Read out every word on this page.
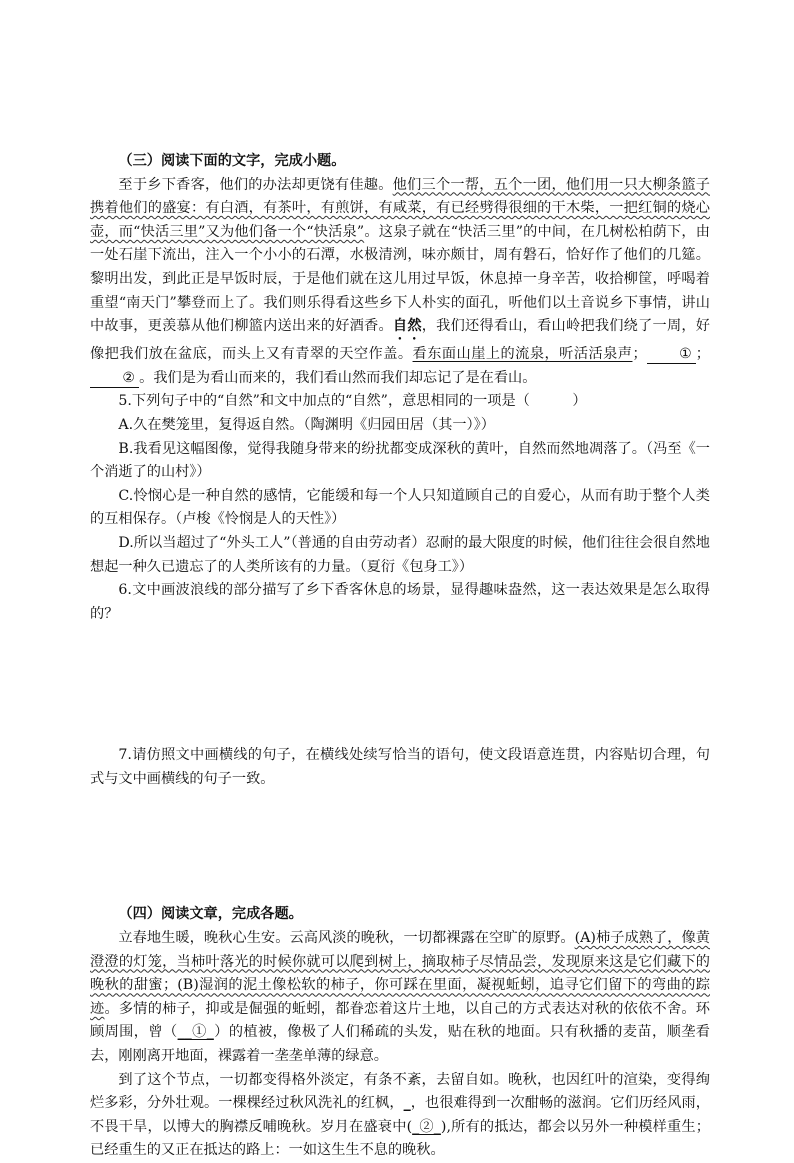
（三）阅读下面的文字，完成小题。

至于乡下香客，他们的办法却更饶有佳趣。他们三个一帮，五个一团，他们用一只大柳条篮子携着他们的盛宴：有白酒，有茶叶，有煎饼，有咸菜，有已经劈得很细的干木柴，一把红铜的烧心壶，而“快活三里”又为他们备一个“快活泉”。这泉子就在“快活三里”的中间，在几树松柏荫下，由一处石崖下流出，注入一个小小的石潭，水极清洌，味亦颇甘，周有磐石，恰好作了他们的几筵。黎明出发，到此正是早饭时辰，于是他们就在这儿用过早饭，休息掉一身辛苦，收拾柳筐，呼喝着重望“南天门”攀登而上了。我们则乐得看这些乡下人朴实的面孔，听他们以土音说乡下事情，讲山中故事，更羡慕从他们柳篮内送出来的好酒香。自然，我们还得看山，看山岭把我们绕了一周，好像把我们放在盆底，而头上又有青翠的天空作盖。看东面山崖上的流泉，听活活泉声； ① ；② 。我们是为看山而来的，我们看山然而我们却忘记了是在看山。

5.下列句子中的“自然”和文中加点的“自然”，意思相同的一项是（　　　）

A.久在樊笼里，复得返自然。（陶渊明《归园田居（其一）》）

B.我看见这幅图像，觉得我随身带来的纷扰都变成深秋的黄叶，自然而然地凋落了。（冯至《一个消逝了的山村》）

C.怜悯心是一种自然的感情，它能缓和每一个人只知道顾自己的自爱心，从而有助于整个人类的互相保存。（卢梭《怜悯是人的天性》）

D.所以当超过了“外头工人”（普通的自由劳动者）忍耐的最大限度的时候，他们往往会很自然地想起一种久已遗忘了的人类所该有的力量。（夏衍《包身工》）

6.文中画波浪线的部分描写了乡下香客休息的场景，显得趣味盎然，这一表达效果是怎么取得的？

7.请仿照文中画横线的句子，在横线处续写恰当的语句，使文段语意连贯，内容贴切合理，句式与文中画横线的句子一致。

（四）阅读文章，完成各题。

立春地生暖，晚秋心生安。云高风淡的晚秋，一切都裸露在空旷的原野。(A)柿子成熟了，像黄澄澄的灯笼，当柿叶落光的时候你就可以爬到树上，摘取柿子尽情品尝，发现原来这是它们藏下的晚秋的甜蜜；(B)湿润的泥土像松软的柿子，你可踩在里面，凝视蚯蚓，追寻它们留下的弯曲的踪迹。多情的柿子，抑或是倔强的蚯蚓，都眷恋着这片土地，以自己的方式表达对秋的依依不舍。环顾周围，曾（__①_）的植被，像极了人们稀疏的头发，贴在秋的地面。只有秋播的麦苗，顺垄看去，刚刚离开地面，裸露着一垄垄单薄的绿意。

到了这个节点，一切都变得格外淡定，有条不紊，去留自如。晚秋，也因红叶的渲染，变得绚烂多彩，分外壮观。一棵棵经过秋风洗礼的红枫，_，也很难得到一次酣畅的滋润。它们历经风雨，不畏干旱，以博大的胸襟反哺晚秋。岁月在盛衰中(_②_),所有的抵达，都会以另外一种模样重生；已经重生的又正在抵达的路上：一如这生生不息的晚秋。
